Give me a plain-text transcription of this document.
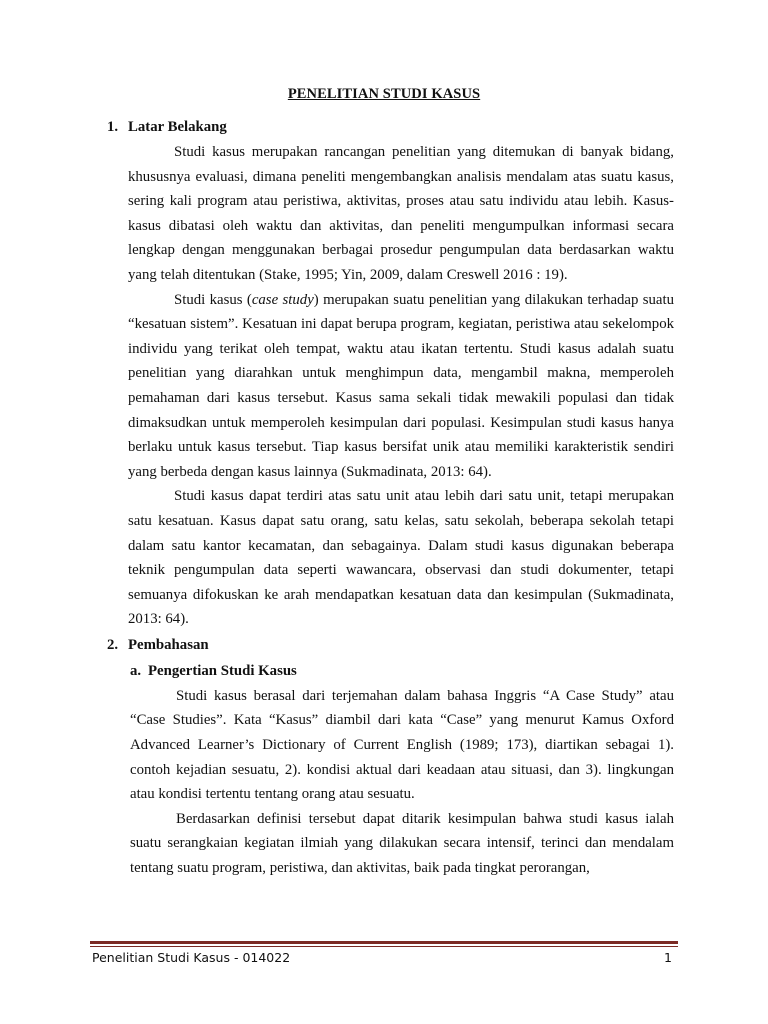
PENELITIAN STUDI KASUS
1. Latar Belakang

Studi kasus merupakan rancangan penelitian yang ditemukan di banyak bidang, khususnya evaluasi, dimana peneliti mengembangkan analisis mendalam atas suatu kasus, sering kali program atau peristiwa, aktivitas, proses atau satu individu atau lebih. Kasus-kasus dibatasi oleh waktu dan aktivitas, dan peneliti mengumpulkan informasi secara lengkap dengan menggunakan berbagai prosedur pengumpulan data berdasarkan waktu yang telah ditentukan (Stake, 1995; Yin, 2009, dalam Creswell 2016 : 19).

Studi kasus (case study) merupakan suatu penelitian yang dilakukan terhadap suatu “kesatuan sistem”. Kesatuan ini dapat berupa program, kegiatan, peristiwa atau sekelompok individu yang terikat oleh tempat, waktu atau ikatan tertentu. Studi kasus adalah suatu penelitian yang diarahkan untuk menghimpun data, mengambil makna, memperoleh pemahaman dari kasus tersebut. Kasus sama sekali tidak mewakili populasi dan tidak dimaksudkan untuk memperoleh kesimpulan dari populasi. Kesimpulan studi kasus hanya berlaku untuk kasus tersebut. Tiap kasus bersifat unik atau memiliki karakteristik sendiri yang berbeda dengan kasus lainnya (Sukmadinata, 2013: 64).

Studi kasus dapat terdiri atas satu unit atau lebih dari satu unit, tetapi merupakan satu kesatuan. Kasus dapat satu orang, satu kelas, satu sekolah, beberapa sekolah tetapi dalam satu kantor kecamatan, dan sebagainya. Dalam studi kasus digunakan beberapa teknik pengumpulan data seperti wawancara, observasi dan studi dokumenter, tetapi semuanya difokuskan ke arah mendapatkan kesatuan data dan kesimpulan (Sukmadinata, 2013: 64).

2. Pembahasan
a. Pengertian Studi Kasus

Studi kasus berasal dari terjemahan dalam bahasa Inggris “A Case Study” atau “Case Studies”. Kata “Kasus” diambil dari kata “Case” yang menurut Kamus Oxford Advanced Learner’s Dictionary of Current English (1989; 173), diartikan sebagai 1). contoh kejadian sesuatu, 2). kondisi aktual dari keadaan atau situasi, dan 3). lingkungan atau kondisi tertentu tentang orang atau sesuatu.

Berdasarkan definisi tersebut dapat ditarik kesimpulan bahwa studi kasus ialah suatu serangkaian kegiatan ilmiah yang dilakukan secara intensif, terinci dan mendalam tentang suatu program, peristiwa, dan aktivitas, baik pada tingkat perorangan,

Penelitian Studi Kasus - 014022	1
